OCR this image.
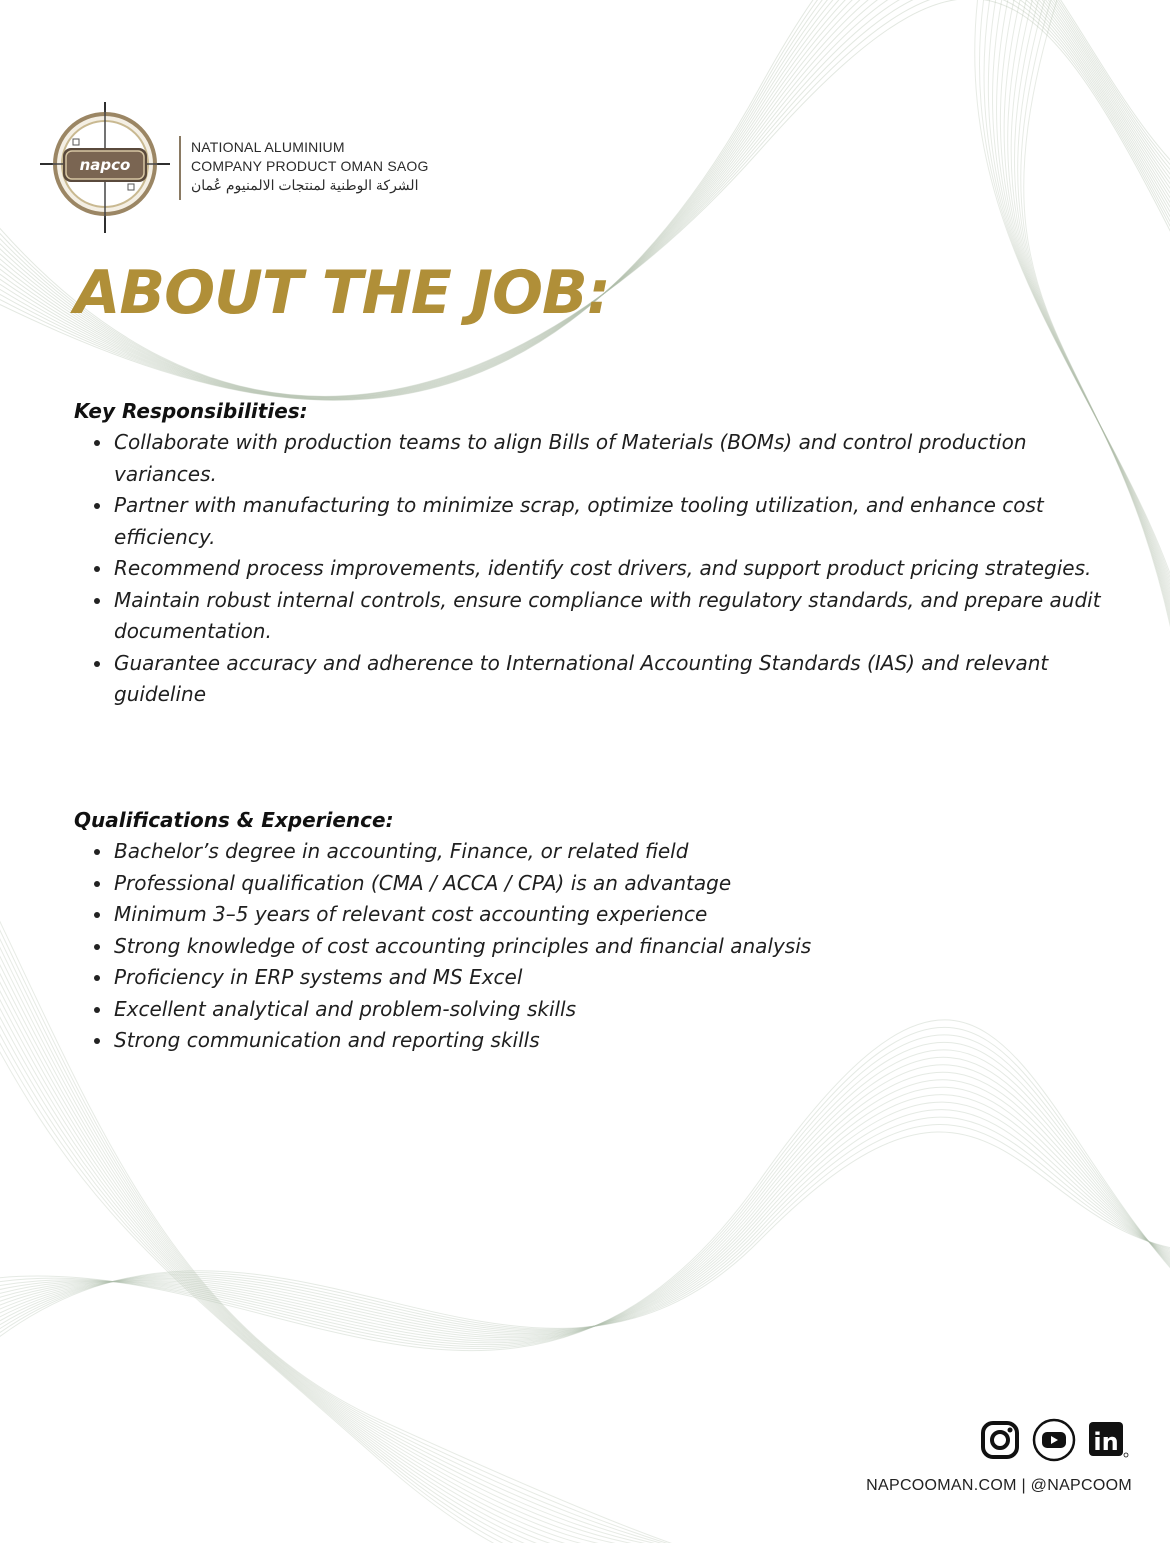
napco
NATIONAL ALUMINIUM
COMPANY PRODUCT OMAN SAOG
الشركة الوطنية لمنتجات الالمنيوم عُمان
ABOUT THE JOB:
Key Responsibilities:
Collaborate with production teams to align Bills of Materials (BOMs) and control production variances.
Partner with manufacturing to minimize scrap, optimize tooling utilization, and enhance cost efficiency.
Recommend process improvements, identify cost drivers, and support product pricing strategies.
Maintain robust internal controls, ensure compliance with regulatory standards, and prepare audit documentation.
Guarantee accuracy and adherence to International Accounting Standards (IAS) and relevant guideline
Qualifications & Experience:
Bachelor’s degree in accounting, Finance, or related field
Professional qualification (CMA / ACCA / CPA) is an advantage
Minimum 3–5 years of relevant cost accounting experience
Strong knowledge of cost accounting principles and financial analysis
Proficiency in ERP systems and MS Excel
Excellent analytical and problem-solving skills
Strong communication and reporting skills
in
NAPCOOMAN.COM | @NAPCOOM
